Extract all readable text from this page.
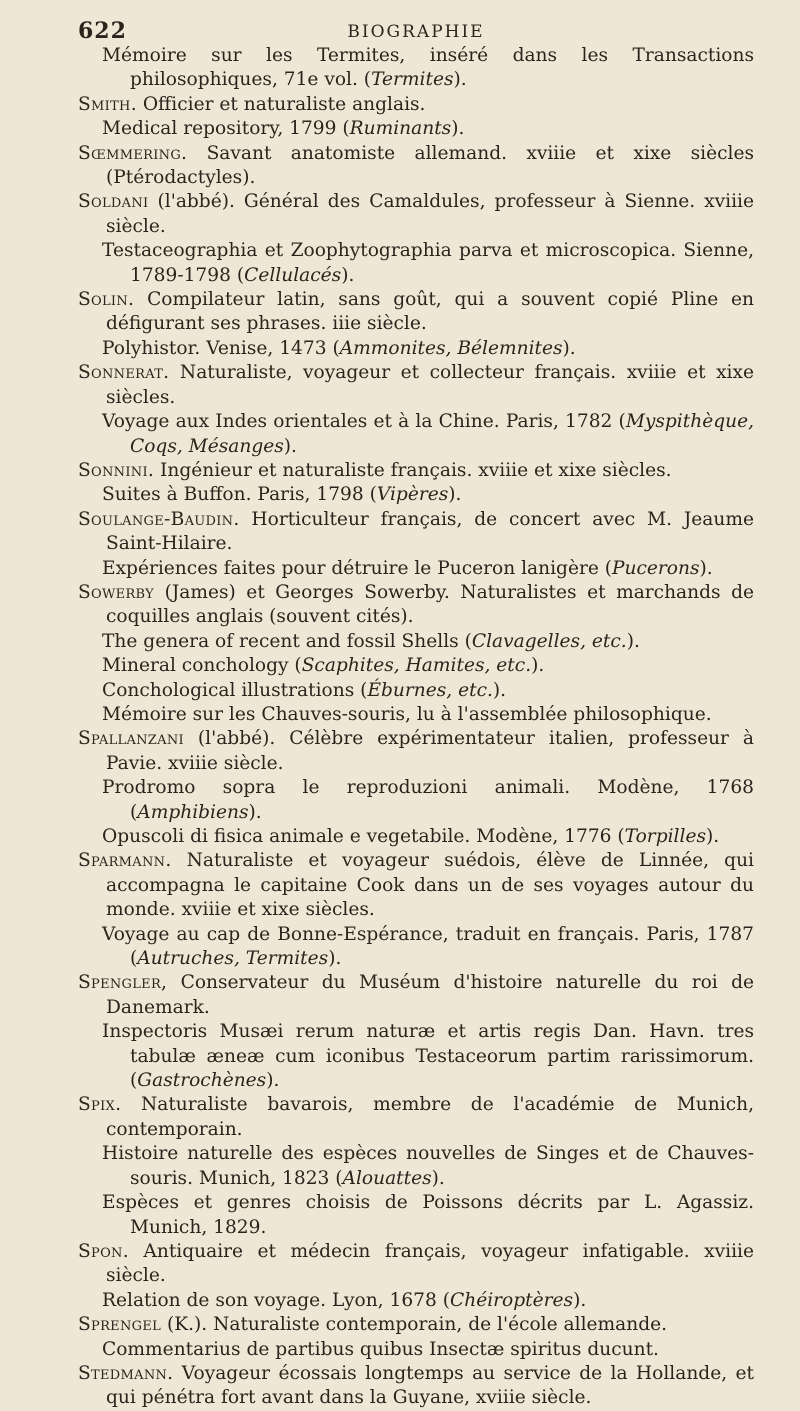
622	BIOGRAPHIE

Mémoire sur les Termites, inséré dans les Transactions philosophiques, 71e vol. (Termites).

Smith. Officier et naturaliste anglais.

Medical repository, 1799 (Ruminants).

Sœmmering. Savant anatomiste allemand. xviiie et xixe siècles (Ptérodactyles).

Soldani (l'abbé). Général des Camaldules, professeur à Sienne. xviiie siècle.

Testaceographia et Zoophytographia parva et microscopica. Sienne, 1789-1798 (Cellulacés).

Solin. Compilateur latin, sans goût, qui a souvent copié Pline en défigurant ses phrases. iiie siècle.

Polyhistor. Venise, 1473 (Ammonites, Bélemnites).

Sonnerat. Naturaliste, voyageur et collecteur français. xviiie et xixe siècles.

Voyage aux Indes orientales et à la Chine. Paris, 1782 (Myspithèque, Coqs, Mésanges).

Sonnini. Ingénieur et naturaliste français. xviiie et xixe siècles.

Suites à Buffon. Paris, 1798 (Vipères).

Soulange-Baudin. Horticulteur français, de concert avec M. Jeaume Saint-Hilaire.

Expériences faites pour détruire le Puceron lanigère (Pucerons).

Sowerby (James) et Georges Sowerby. Naturalistes et marchands de coquilles anglais (souvent cités).

The genera of recent and fossil Shells (Clavagelles, etc.).

Mineral conchology (Scaphites, Hamites, etc.).

Conchological illustrations (Éburnes, etc.).

Mémoire sur les Chauves-souris, lu à l'assemblée philosophique.

Spallanzani (l'abbé). Célèbre expérimentateur italien, professeur à Pavie. xviiie siècle.

Prodromo sopra le reproduzioni animali. Modène, 1768 (Amphibiens).

Opuscoli di fisica animale e vegetabile. Modène, 1776 (Torpilles).

Sparmann. Naturaliste et voyageur suédois, élève de Linnée, qui accompagna le capitaine Cook dans un de ses voyages autour du monde. xviiie et xixe siècles.

Voyage au cap de Bonne-Espérance, traduit en français. Paris, 1787 (Autruches, Termites).

Spengler, Conservateur du Muséum d'histoire naturelle du roi de Danemark.

Inspectoris Musæi rerum naturæ et artis regis Dan. Havn. tres tabulæ æneæ cum iconibus Testaceorum partim rarissimorum. (Gastrochènes).

Spix. Naturaliste bavarois, membre de l'académie de Munich, contemporain.

Histoire naturelle des espèces nouvelles de Singes et de Chauves-souris. Munich, 1823 (Alouattes).

Espèces et genres choisis de Poissons décrits par L. Agassiz. Munich, 1829.

Spon. Antiquaire et médecin français, voyageur infatigable. xviiie siècle.

Relation de son voyage. Lyon, 1678 (Chéiroptères).

Sprengel (K.). Naturaliste contemporain, de l'école allemande.

Commentarius de partibus quibus Insectæ spiritus ducunt.

Stedmann. Voyageur écossais longtemps au service de la Hollande, et qui pénétra fort avant dans la Guyane, xviiie siècle.
